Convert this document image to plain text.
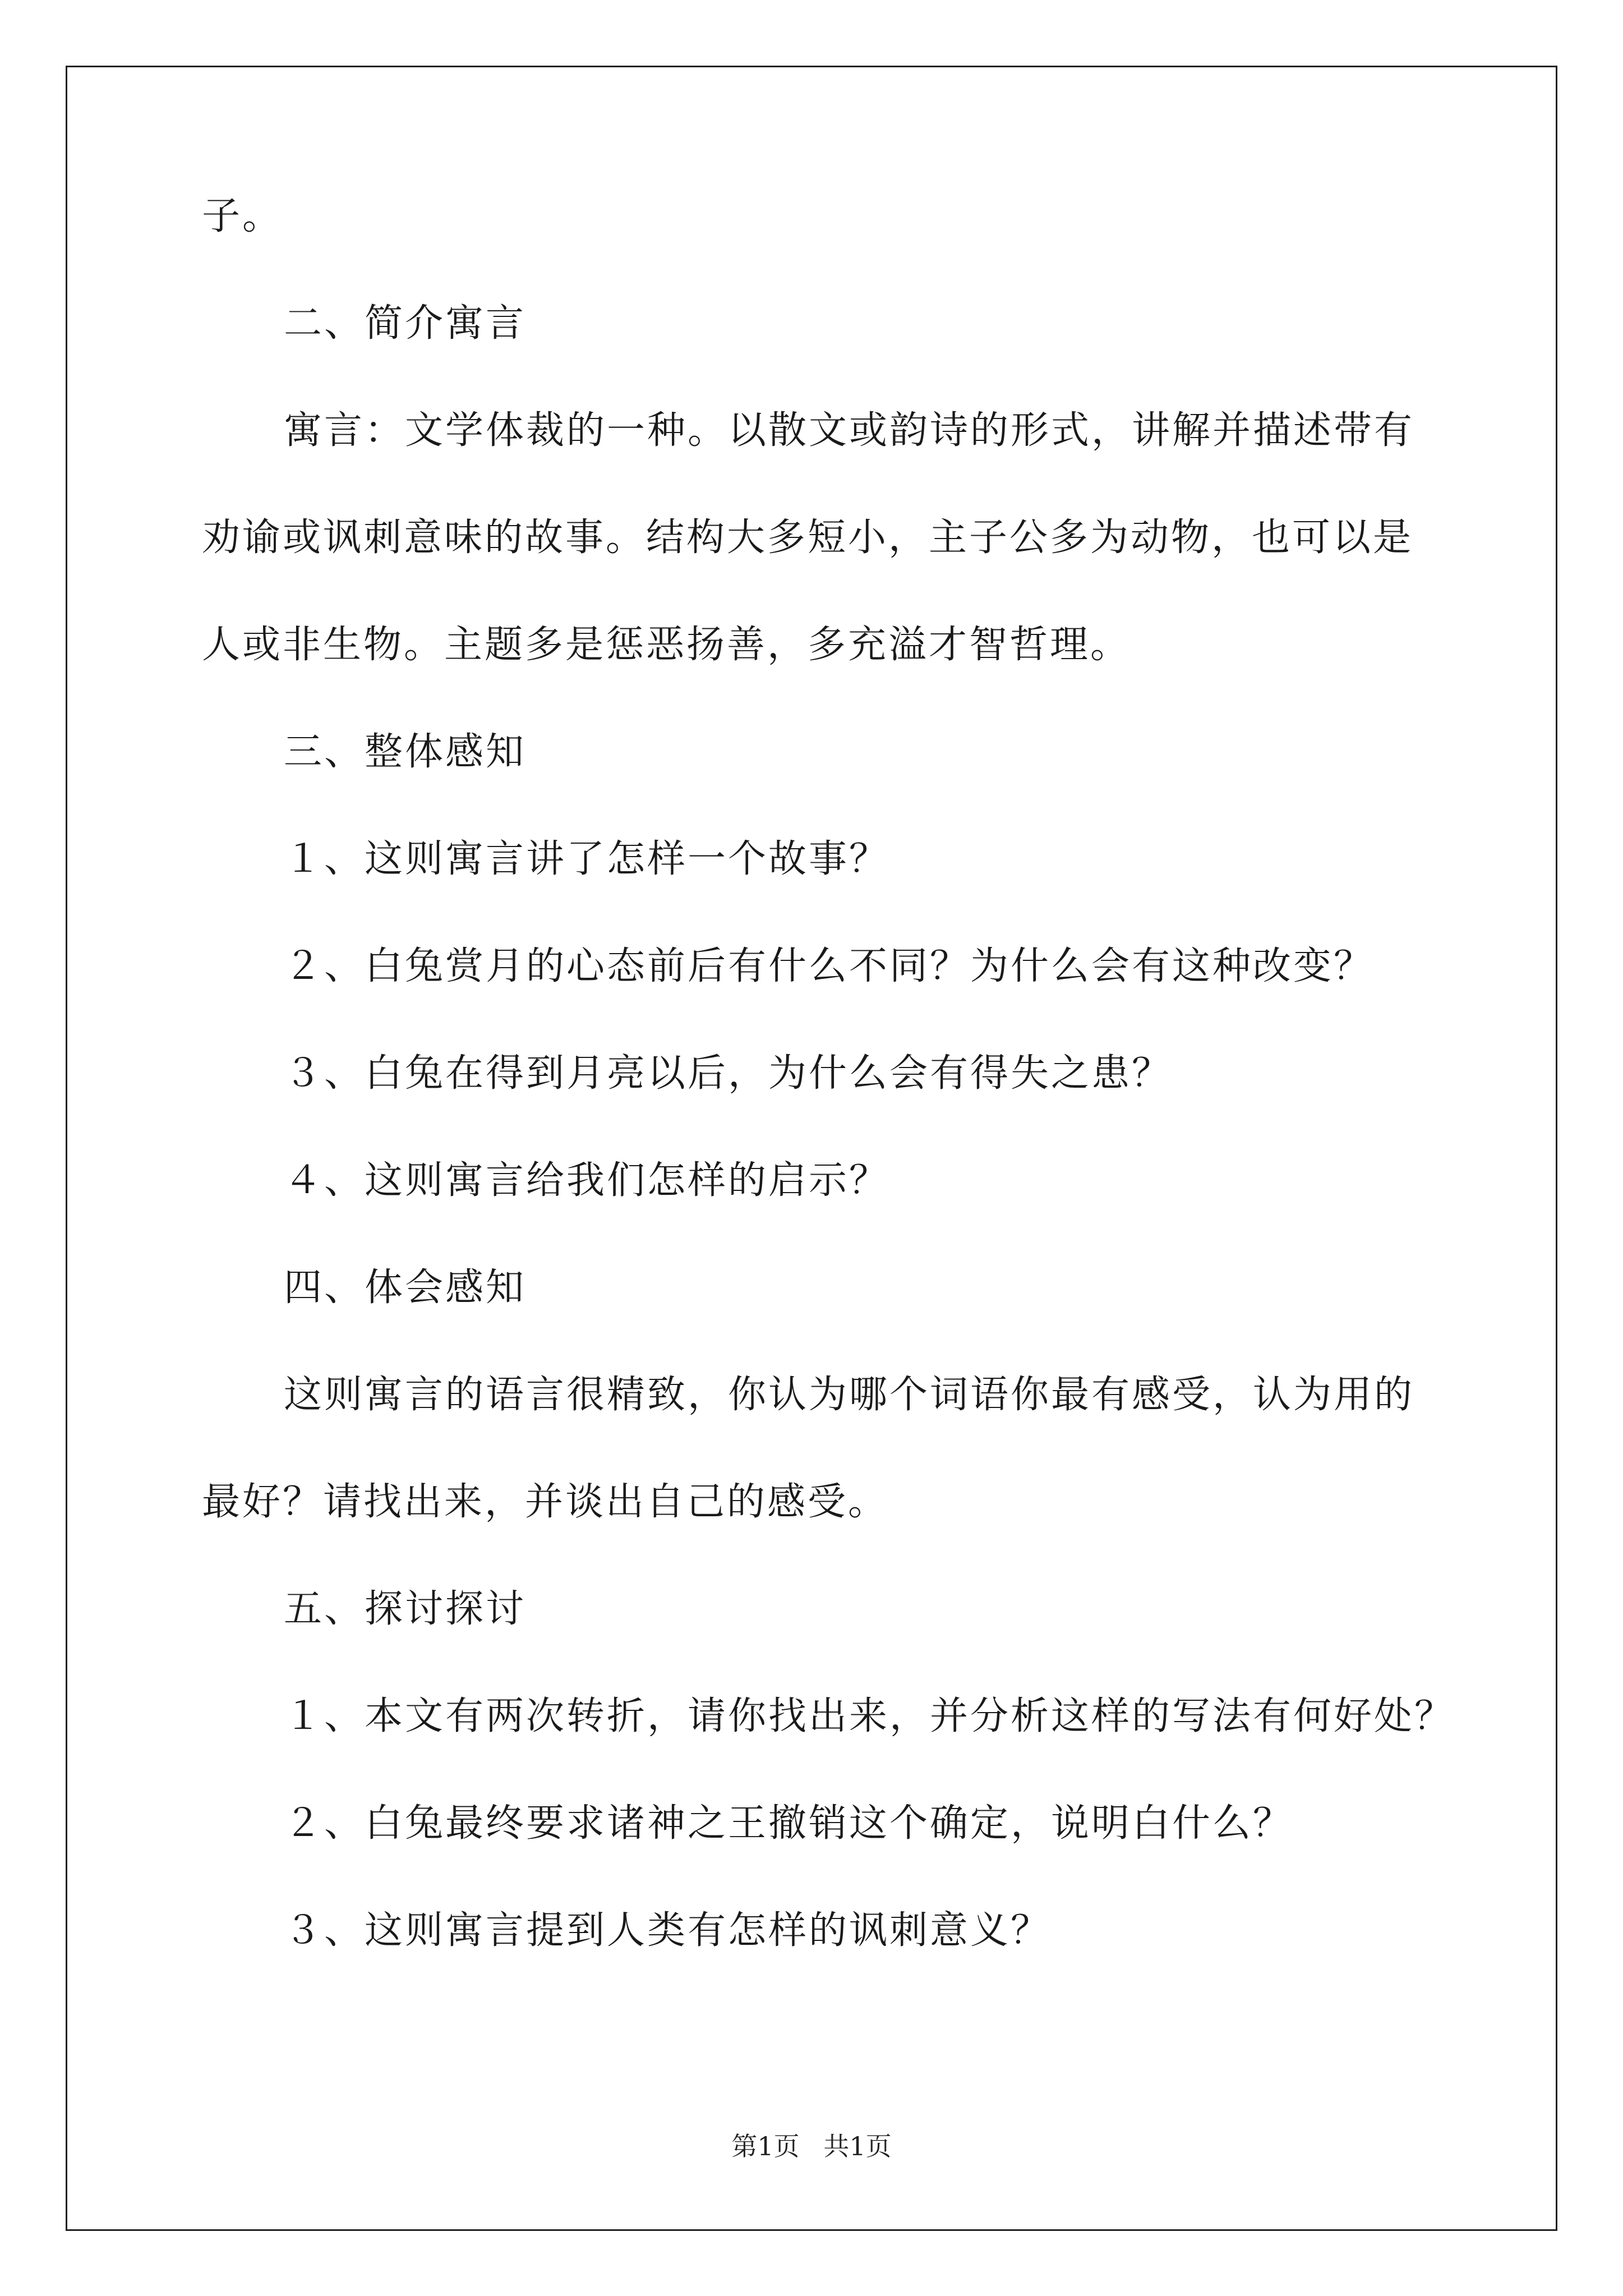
子。
二、简介寓言
寓言：文学体裁的一种。以散文或韵诗的形式，讲解并描述带有
劝谕或讽刺意味的故事。结构大多短小，主子公多为动物，也可以是
人或非生物。主题多是惩恶扬善，多充溢才智哲理。
三、整体感知
１、这则寓言讲了怎样一个故事？
２、白兔赏月的心态前后有什么不同？为什么会有这种改变？
３、白兔在得到月亮以后，为什么会有得失之患？
４、这则寓言给我们怎样的启示？
四、体会感知
这则寓言的语言很精致，你认为哪个词语你最有感受，认为用的
最好？请找出来，并谈出自己的感受。
五、探讨探讨
１、本文有两次转折，请你找出来，并分析这样的写法有何好处？
２、白兔最终要求诸神之王撤销这个确定，说明白什么？
３、这则寓言提到人类有怎样的讽刺意义？
第1页 共1页
